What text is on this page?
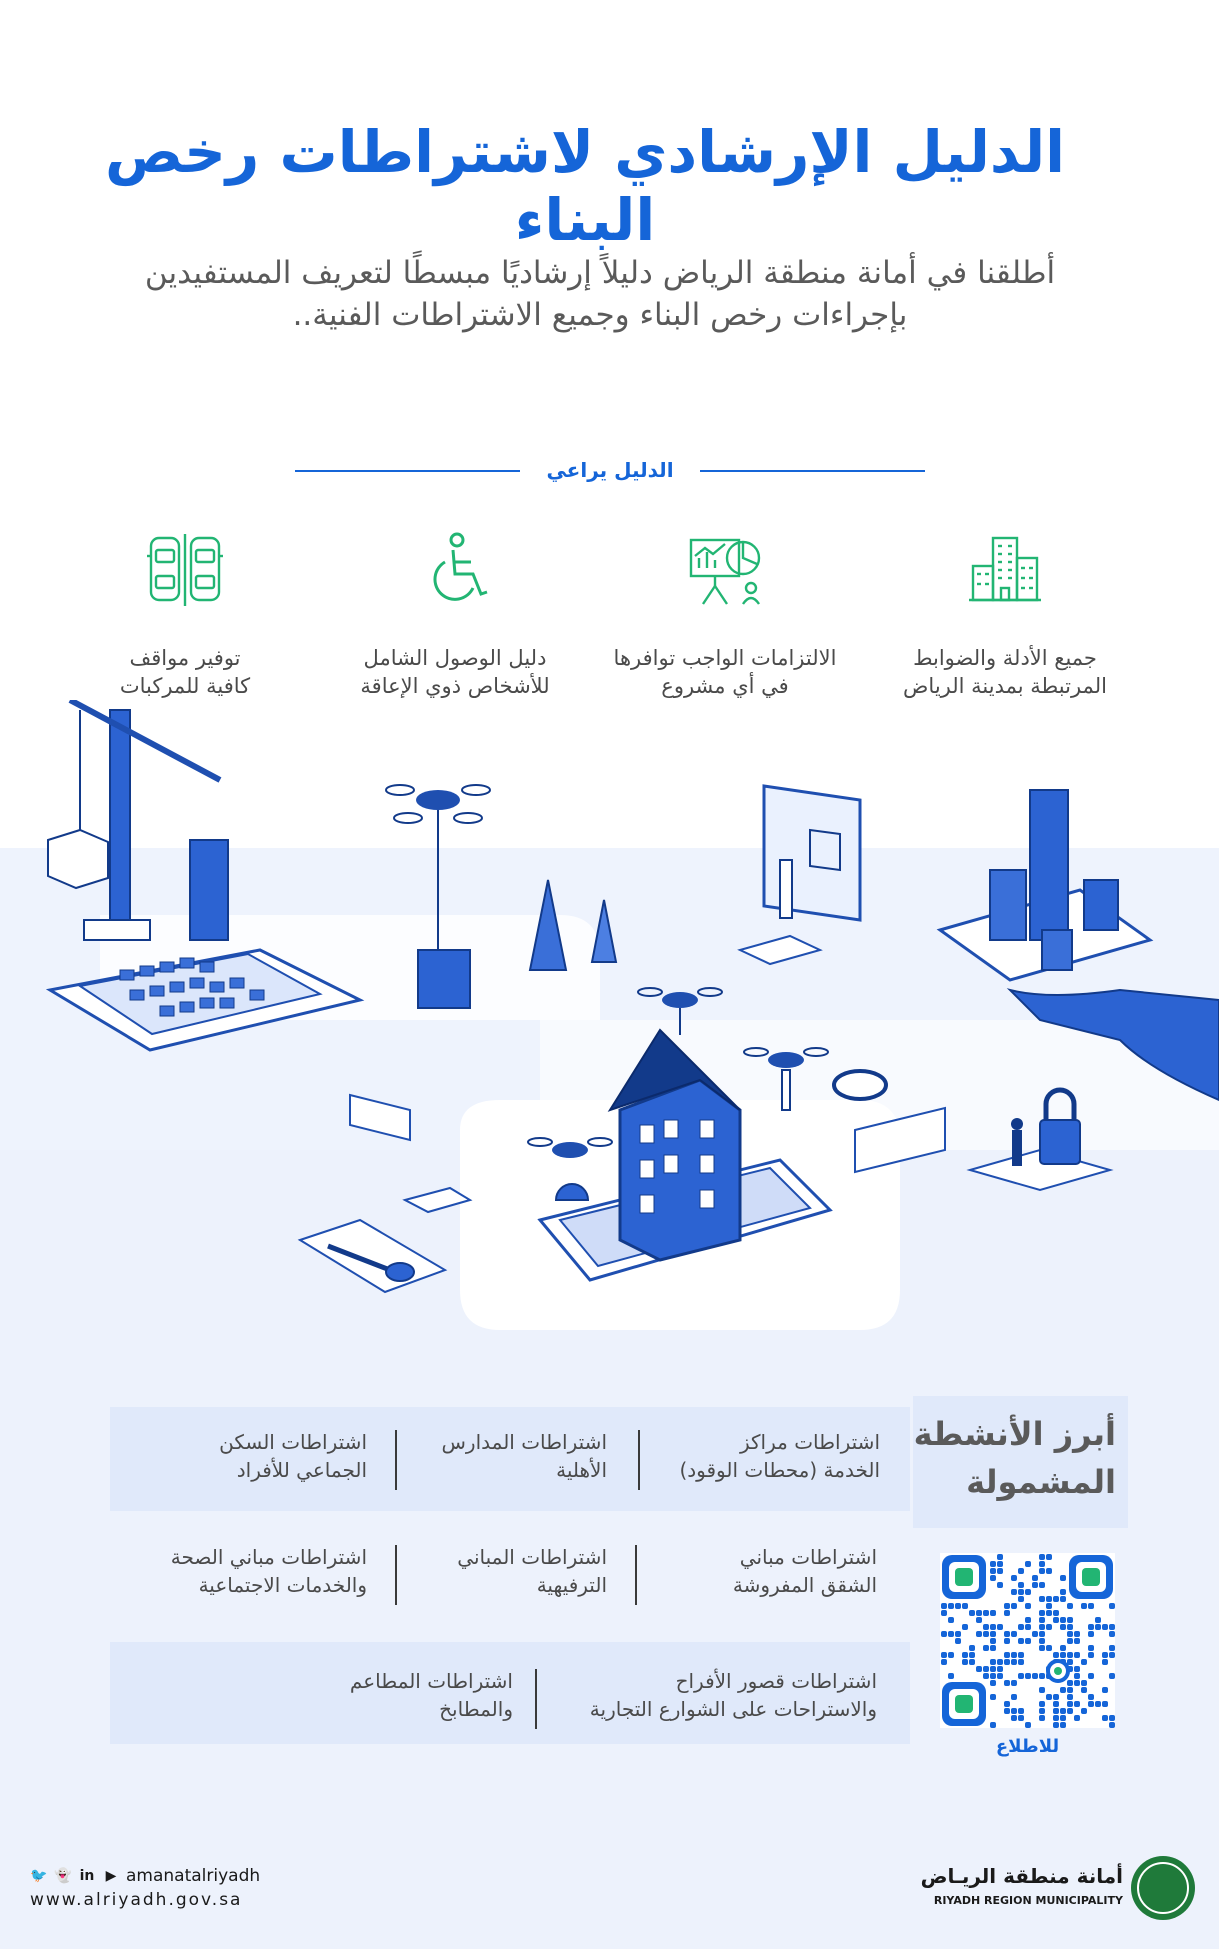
الدليل الإرشادي لاشتراطات رخص البناء
أطلقنا في أمانة منطقة الرياض دليلاً إرشاديًا مبسطًا لتعريف المستفيدين
بإجراءات رخص البناء وجميع الاشتراطات الفنية..
الدليل يراعي
جميع الأدلة والضوابط
المرتبطة بمدينة الرياض
الالتزامات الواجب توافرها
في أي مشروع
دليل الوصول الشامل
للأشخاص ذوي الإعاقة
توفير مواقف
كافية للمركبات
أبرز الأنشطة
المشمولة
اشتراطات مراكز
الخدمة (محطات الوقود)
اشتراطات المدارس
الأهلية
اشتراطات السكن
الجماعي للأفراد
اشتراطات مباني
الشقق المفروشة
اشتراطات المباني
الترفيهية
اشتراطات مباني الصحة
والخدمات الاجتماعية
اشتراطات قصور الأفراح
والاستراحات على الشوارع التجارية
اشتراطات المطاعم
والمطابخ
للاطلاع
🐦 👻 in ▶ amanatalriyadh
www.alriyadh.gov.sa
أمانة منطقة الريـاض
RIYADH REGION MUNICIPALITY
